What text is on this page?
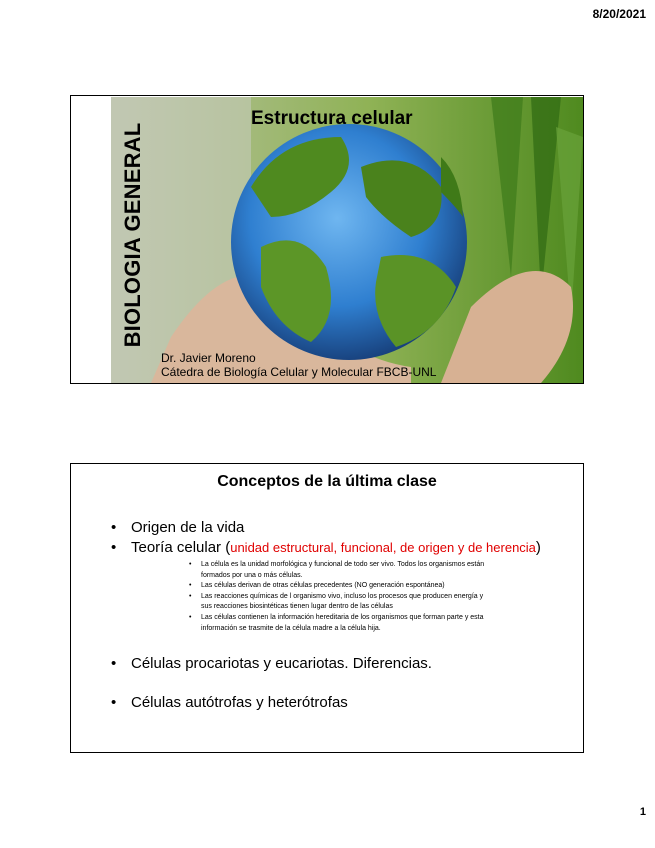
8/20/2021
BIOLOGIA GENERAL
Estructura celular
Dr. Javier Moreno
Cátedra de Biología Celular y Molecular FBCB-UNL
Conceptos de la última clase
• Origen de la vida
• Teoría celular (unidad estructural, funcional, de origen y de herencia)
• La célula es la unidad morfológica y funcional de todo ser vivo. Todos los organismos están
formados por una o más células.
• Las células derivan de otras células precedentes (NO generación espontánea)
• Las reacciones químicas de l organismo vivo, incluso los procesos que producen energía y
sus reacciones biosintéticas tienen lugar dentro de las células
• Las células contienen la información hereditaria de los organismos que forman parte y esta
información se trasmite de la célula madre a la célula hija.
• Células procariotas y eucariotas. Diferencias.
• Células autótrofas y heterótrofas
1
